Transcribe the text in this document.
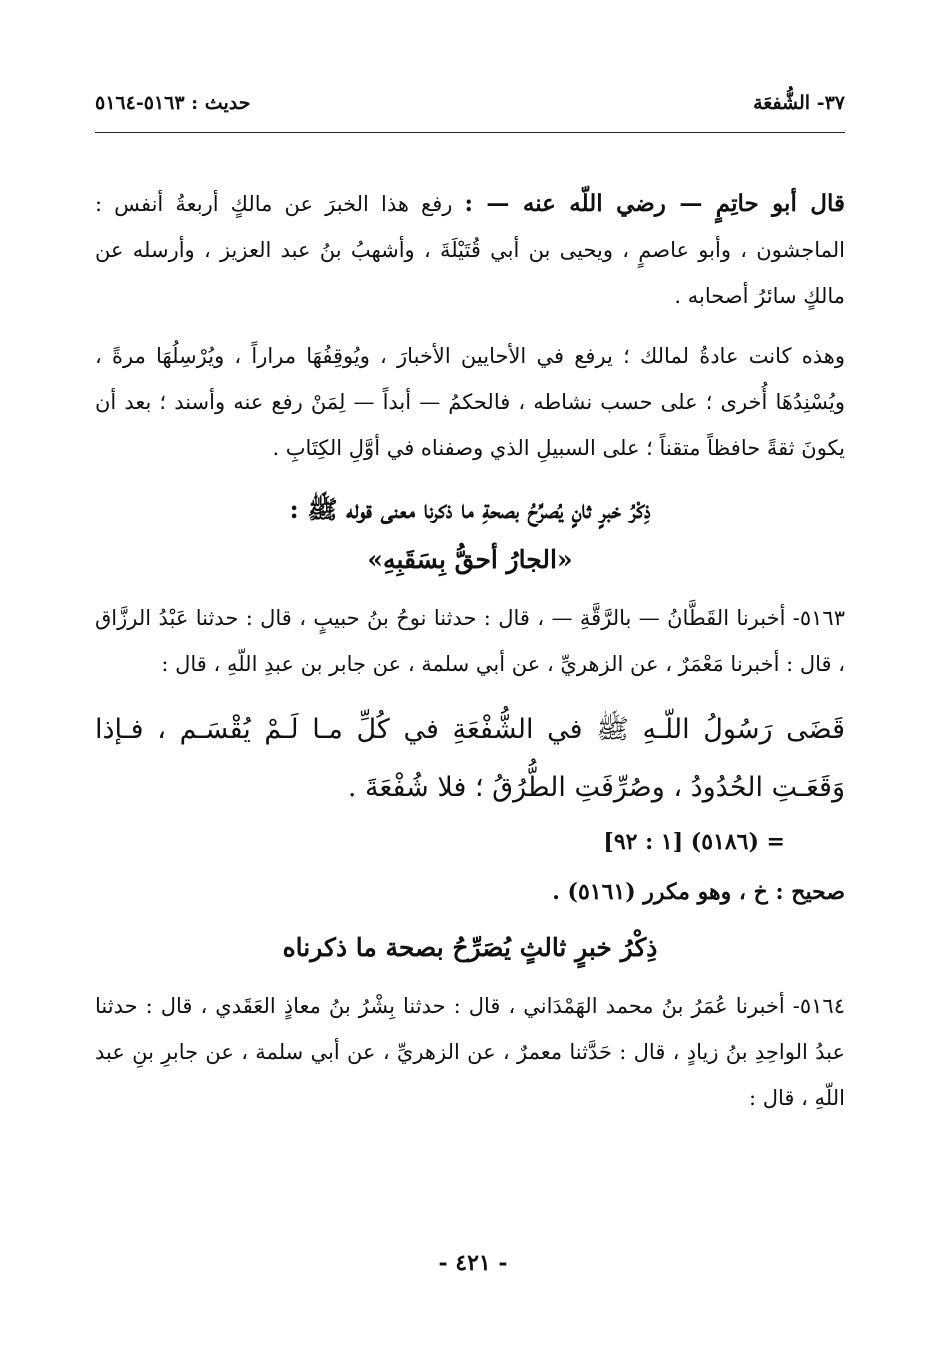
٣٧- الشُّفعَة
حديث : ٥١٦٣-٥١٦٤

قال أبو حاتِمٍ — رضي اللّه عنه — : رفع هذا الخبرَ عن مالكٍ أربعةُ أنفس : الماجشون ، وأبو عاصمٍ ، ويحيى بن أبي قُتَيْلَةَ ، وأشهبُ بنُ عبد العزيز ، وأرسله عن مالكٍ سائرُ أصحابه .

وهذه كانت عادةُ لمالك ؛ يرفع في الأحايين الأخبارَ ، ويُوقِفُهَا مراراً ، ويُرْسِلُهَا مرةً ، ويُسْنِدُهَا أُخرى ؛ على حسب نشاطه ، فالحكمُ — أبداً — لِمَنْ رفع عنه وأسند ؛ بعد أن يكونَ ثقةً حافظاً متقناً ؛ على السبيلِ الذي وصفناه في أوَّلِ الكِتَابِ .

ذِكْرُ خبرٍ ثانٍ يُصرِّحُ بصحةِ ما ذكرنا معنى قوله ﷺ :
«الجارُ أحقُّ بِسَقَبِهِ»

٥١٦٣- أخبرنا القَطَّانُ — بالرَّقَّةِ — ، قال : حدثنا نوحُ بنُ حبيبٍ ، قال : حدثنا عَبْدُ الرزَّاق ، قال : أخبرنا مَعْمَرٌ ، عن الزهريِّ ، عن أبي سلمة ، عن جابر بن عبدِ اللّهِ ، قال :

قَضَى رَسُولُ اللّـهِ ﷺ في الشُّفْعَةِ في كُلِّ مـا لَـمْ يُقْسَـم ، فـإذا وَقَعَـتِ الحُدُودُ ، وصُرِّفَتِ الطُّرُقُ ؛ فلا شُفْعَةَ .

= (٥١٨٦) [١ : ٩٢]

صحيح : خ ، وهو مكرر (٥١٦١) .

ذِكْرُ خبرٍ ثالثٍ يُصَرِّحُ بصحة ما ذكرناه

٥١٦٤- أخبرنا عُمَرُ بنُ محمد الهَمْدَاني ، قال : حدثنا بِشْرُ بنُ معاذٍ العَقَدي ، قال : حدثنا عبدُ الواحِدِ بنُ زيادٍ ، قال : حَدَّثنا معمرٌ ، عن الزهريِّ ، عن أبي سلمة ، عن جابرِ بنِ عبد اللّهِ ، قال :

- ٤٢١ -
